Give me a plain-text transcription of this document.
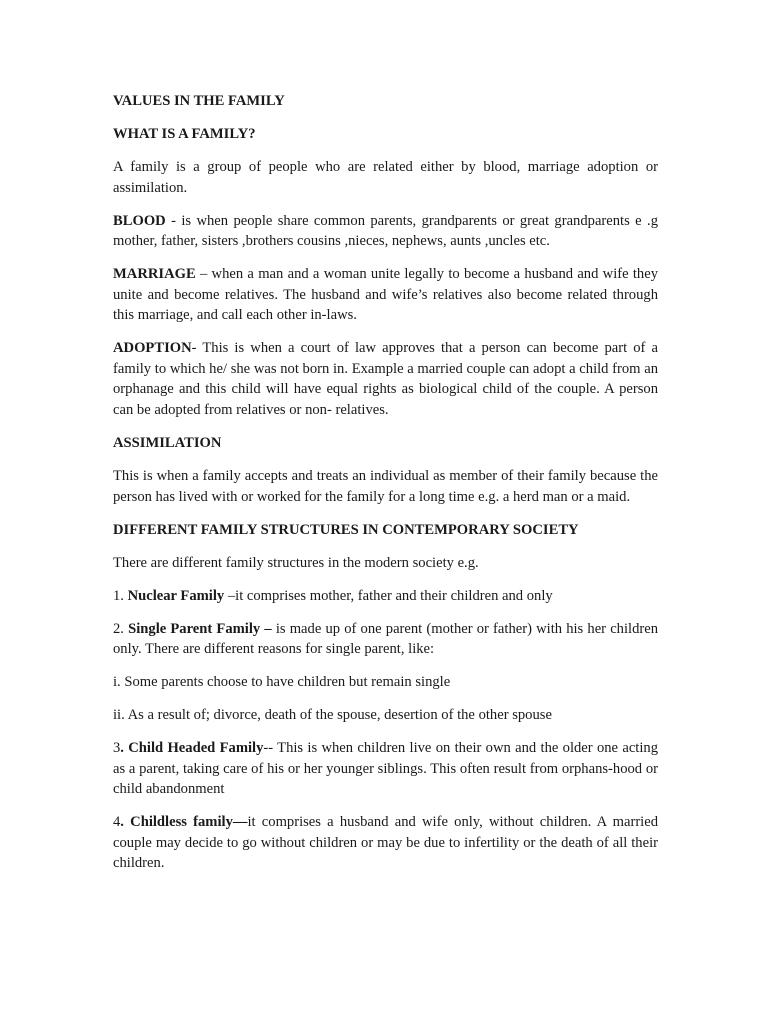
VALUES IN THE FAMILY

WHAT IS A FAMILY?

A family is a group of people who are related either by blood, marriage adoption or assimilation.

BLOOD - is when people share common parents, grandparents or great grandparents e .g mother, father, sisters ,brothers cousins ,nieces, nephews, aunts ,uncles etc.

MARRIAGE – when a man and a woman unite legally to become a husband and wife they unite and become relatives. The husband and wife’s relatives also become related through this marriage, and call each other in-laws.

ADOPTION- This is when a court of law approves that a person can become part of a family to which he/ she was not born in. Example a married couple can adopt a child from an orphanage and this child will have equal rights as biological child of the couple. A person can be adopted from relatives or non- relatives.

ASSIMILATION

This is when a family accepts and treats an individual as member of their family because the person has lived with or worked for the family for a long time e.g. a herd man or a maid.

DIFFERENT FAMILY STRUCTURES IN CONTEMPORARY SOCIETY

There are different family structures in the modern society e.g.

1. Nuclear Family –it comprises mother, father and their children and only

2. Single Parent Family – is made up of one parent (mother or father) with his her children only. There are different reasons for single parent, like:

i. Some parents choose to have children but remain single

ii. As a result of; divorce, death of the spouse, desertion of the other spouse

3. Child Headed Family-- This is when children live on their own and the older one acting as a parent, taking care of his or her younger siblings. This often result from orphans-hood or child abandonment

4. Childless family—it comprises a husband and wife only, without children. A married couple may decide to go without children or may be due to infertility or the death of all their children.
